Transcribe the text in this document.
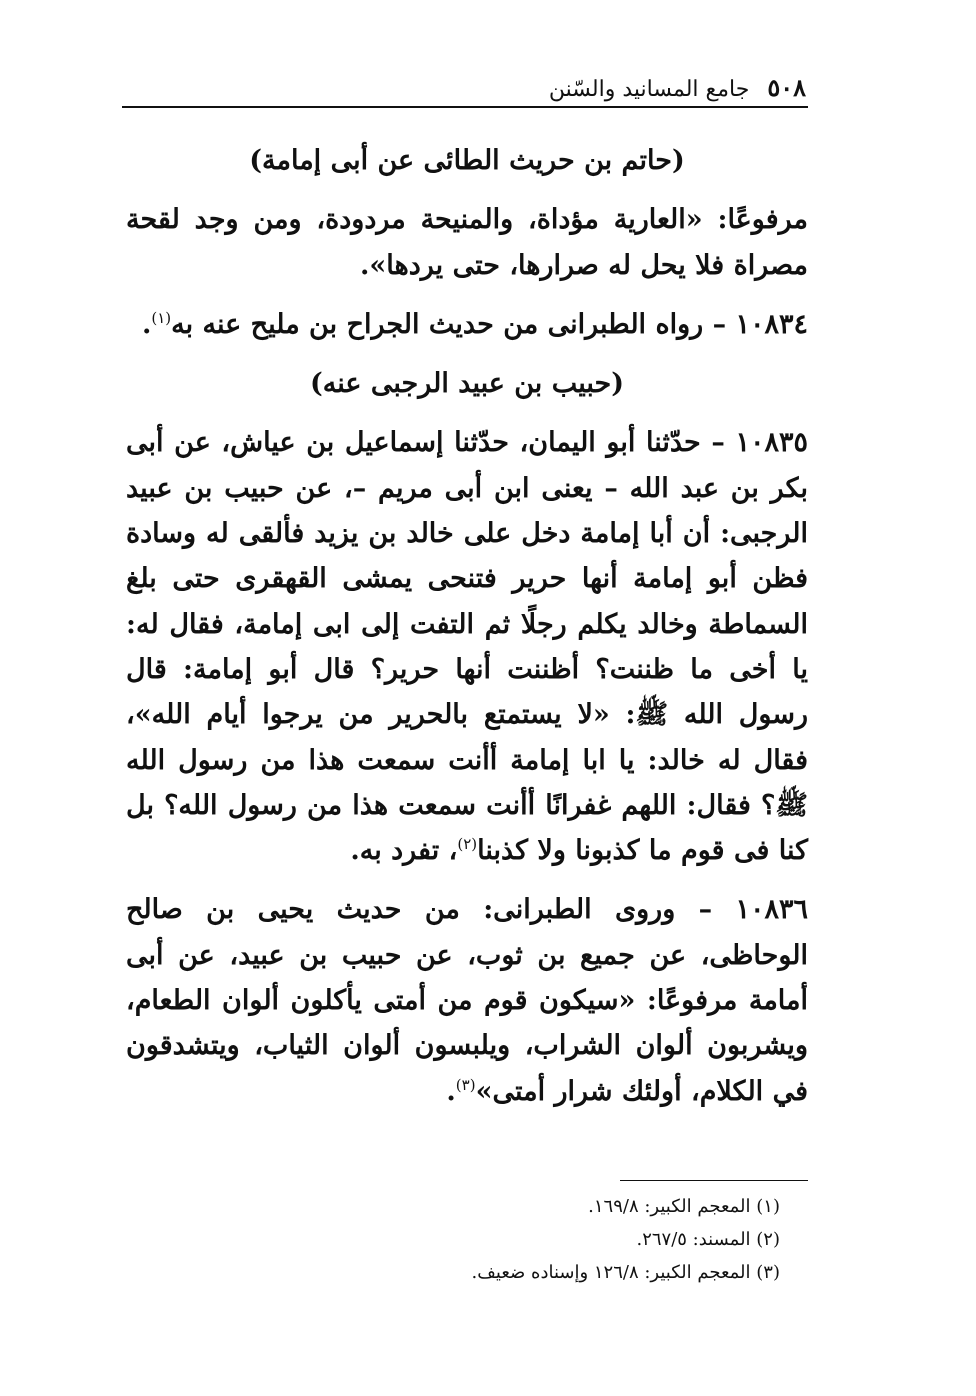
٥٠٨
جامع المسانيد والسّنن

(حاتم بن حريث الطائى عن أبى إمامة)

مرفوعًا: «العارية مؤداة، والمنيحة مردودة، ومن وجد لقحة مصراة فلا يحل له صرارها، حتى يردها».

١٠٨٣٤ – رواه الطبرانى من حديث الجراح بن مليح عنه به$^{(١)}$.

(حبيب بن عبيد الرجبى عنه)

١٠٨٣٥ – حدّثنا أبو اليمان، حدّثنا إسماعيل بن عياش، عن أبى بكر بن عبد الله – يعنى ابن أبى مريم –، عن حبيب بن عبيد الرجبى: أن أبا إمامة دخل على خالد بن يزيد فألقى له وسادة فظن أبو إمامة أنها حرير فتنحى يمشى القهقرى حتى بلغ السماطة وخالد يكلم رجلًا ثم التفت إلى ابى إمامة، فقال له: يا أخى ما ظننت؟ أظننت أنها حرير؟ قال أبو إمامة: قال رسول الله ﷺ: «لا يستمتع بالحرير من يرجوا أيام الله»، فقال له خالد: يا ابا إمامة أأنت سمعت هذا من رسول الله ﷺ؟ فقال: اللهم غفرانًا أأنت سمعت هذا من رسول الله؟ بل كنا فى قوم ما كذبونا ولا كذبنا$^{(٢)}$، تفرد به.

١٠٨٣٦ – وروى الطبرانى: من حديث يحيى بن صالح الوحاظى، عن جميع بن ثوب، عن حبيب بن عبيد، عن أبى أمامة مرفوعًا: «سيكون قوم من أمتى يأكلون ألوان الطعام، ويشربون ألوان الشراب، ويلبسون ألوان الثياب، ويتشدقون في الكلام، أولئك شرار أمتى»$^{(٣)}$.

(١) المعجم الكبير: ١٦٩/٨.
(٢) المسند: ٢٦٧/٥.
(٣) المعجم الكبير: ١٢٦/٨ وإسناده ضعيف.
